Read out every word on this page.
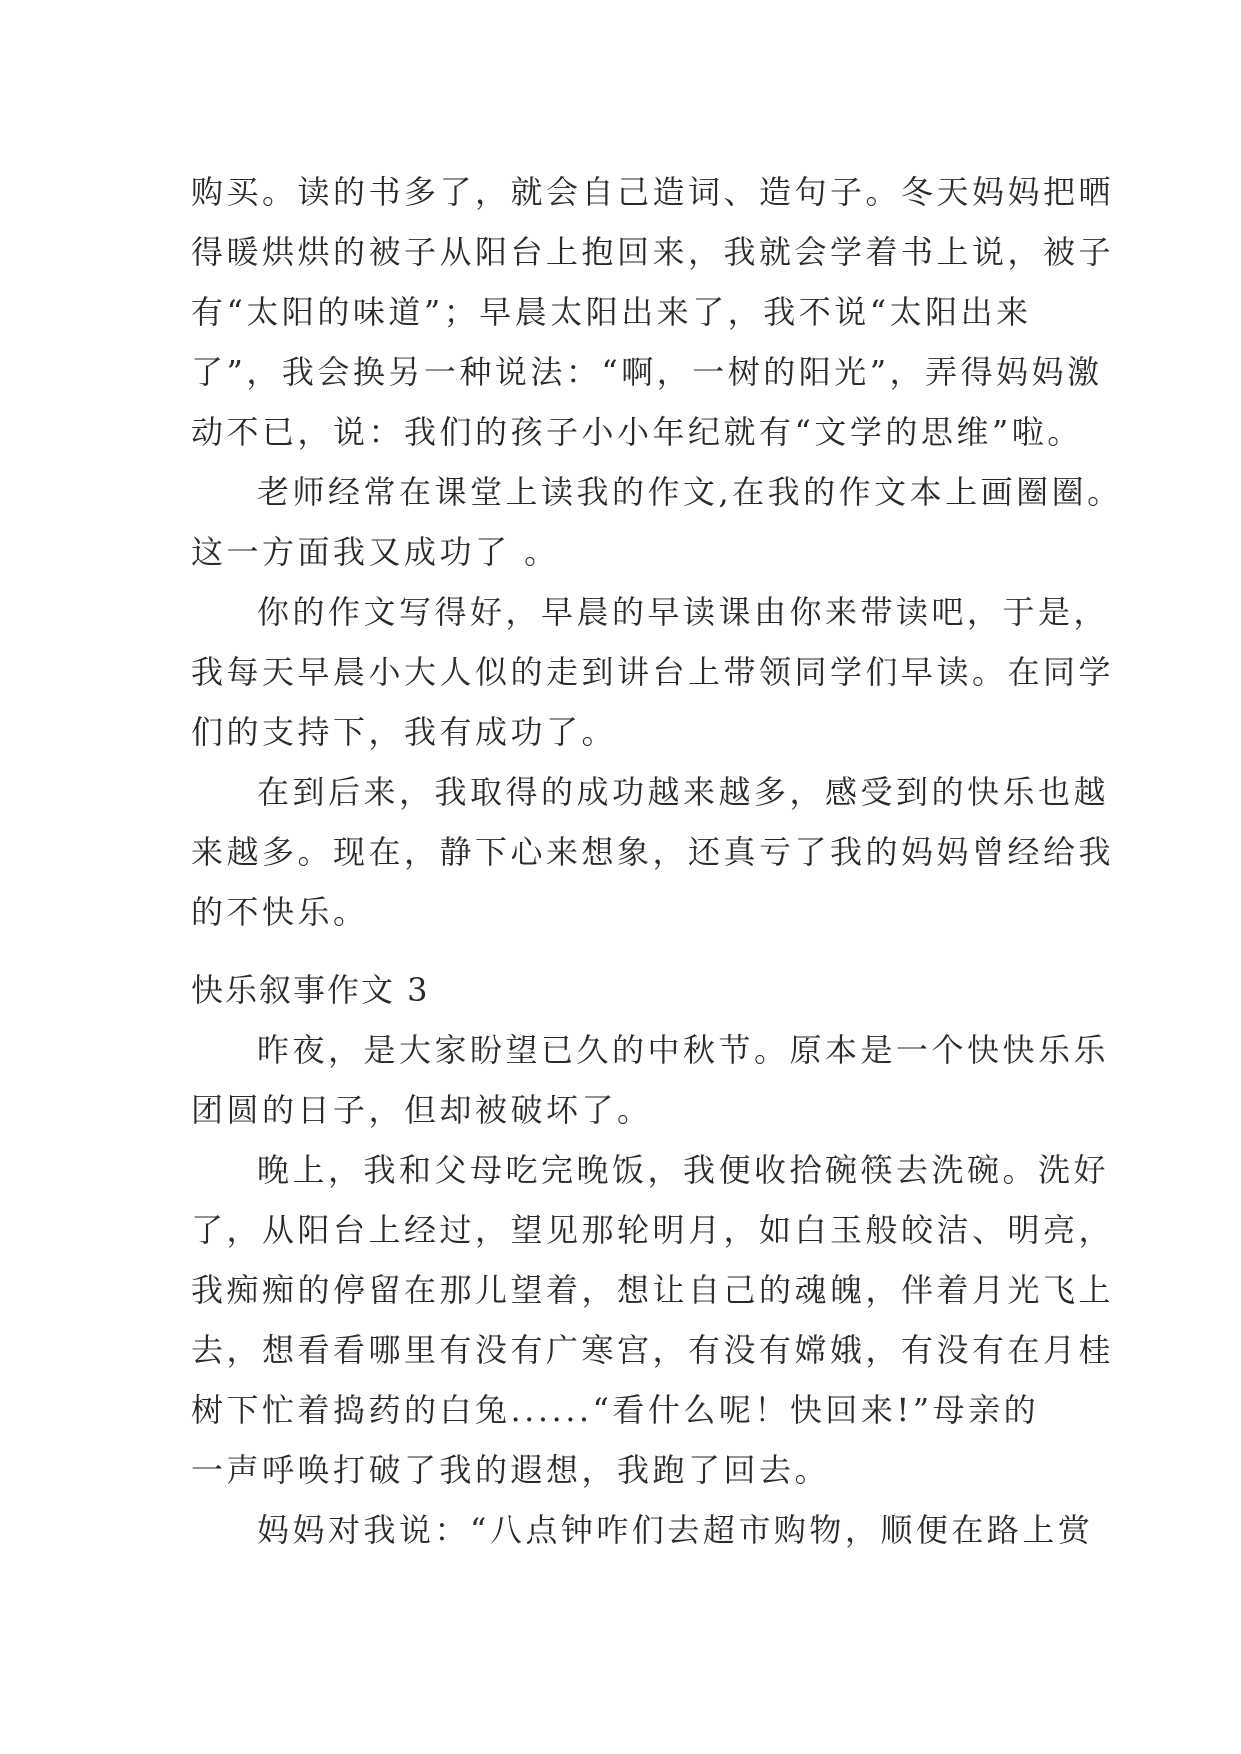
购买。读的书多了，就会自己造词、造句子。冬天妈妈把晒
得暖烘烘的被子从阳台上抱回来，我就会学着书上说，被子
有“太阳的味道”；早晨太阳出来了，我不说“太阳出来
了”，我会换另一种说法：“啊，一树的阳光”，弄得妈妈激
动不已，说：我们的孩子小小年纪就有“文学的思维”啦。
老师经常在课堂上读我的作文,在我的作文本上画圈圈。
这一方面我又成功了 。
你的作文写得好，早晨的早读课由你来带读吧，于是，
我每天早晨小大人似的走到讲台上带领同学们早读。在同学
们的支持下，我有成功了。
在到后来，我取得的成功越来越多，感受到的快乐也越
来越多。现在，静下心来想象，还真亏了我的妈妈曾经给我
的不快乐。
快乐叙事作文 3
昨夜，是大家盼望已久的中秋节。原本是一个快快乐乐
团圆的日子，但却被破坏了。
晚上，我和父母吃完晚饭，我便收拾碗筷去洗碗。洗好
了，从阳台上经过，望见那轮明月，如白玉般皎洁、明亮，
我痴痴的停留在那儿望着，想让自己的魂魄，伴着月光飞上
去，想看看哪里有没有广寒宫，有没有嫦娥，有没有在月桂
树下忙着捣药的白兔......“看什么呢！快回来!”母亲的
一声呼唤打破了我的遐想，我跑了回去。
妈妈对我说：“八点钟咋们去超市购物，顺便在路上赏
